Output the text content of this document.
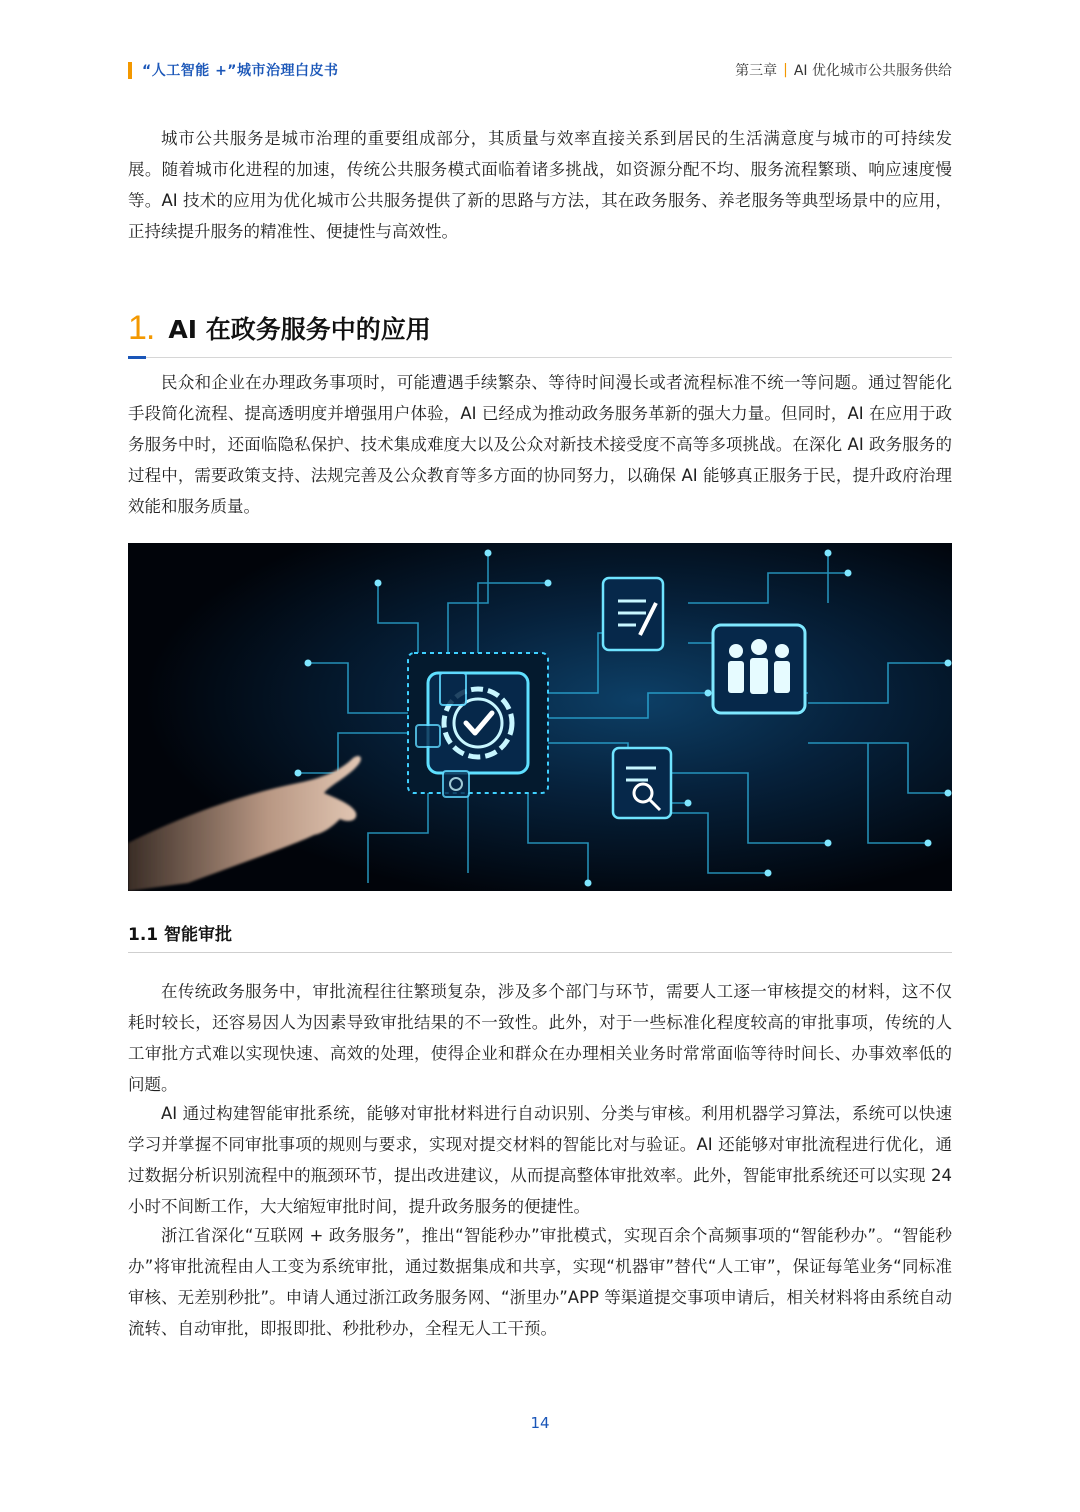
“人工智能 +”城市治理白皮书	第三章 | AI 优化城市公共服务供给

城市公共服务是城市治理的重要组成部分，其质量与效率直接关系到居民的生活满意度与城市的可持续发展。随着城市化进程的加速，传统公共服务模式面临着诸多挑战，如资源分配不均、服务流程繁琐、响应速度慢等。AI 技术的应用为优化城市公共服务提供了新的思路与方法，其在政务服务、养老服务等典型场景中的应用，正持续提升服务的精准性、便捷性与高效性。

1. AI 在政务服务中的应用

民众和企业在办理政务事项时，可能遭遇手续繁杂、等待时间漫长或者流程标准不统一等问题。通过智能化手段简化流程、提高透明度并增强用户体验，AI 已经成为推动政务服务革新的强大力量。但同时，AI 在应用于政务服务中时，还面临隐私保护、技术集成难度大以及公众对新技术接受度不高等多项挑战。在深化 AI 政务服务的过程中，需要政策支持、法规完善及公众教育等多方面的协同努力，以确保 AI 能够真正服务于民，提升政府治理效能和服务质量。

1.1 智能审批

在传统政务服务中，审批流程往往繁琐复杂，涉及多个部门与环节，需要人工逐一审核提交的材料，这不仅耗时较长，还容易因人为因素导致审批结果的不一致性。此外，对于一些标准化程度较高的审批事项，传统的人工审批方式难以实现快速、高效的处理，使得企业和群众在办理相关业务时常常面临等待时间长、办事效率低的问题。

AI 通过构建智能审批系统，能够对审批材料进行自动识别、分类与审核。利用机器学习算法，系统可以快速学习并掌握不同审批事项的规则与要求，实现对提交材料的智能比对与验证。AI 还能够对审批流程进行优化，通过数据分析识别流程中的瓶颈环节，提出改进建议，从而提高整体审批效率。此外，智能审批系统还可以实现 24 小时不间断工作，大大缩短审批时间，提升政务服务的便捷性。

浙江省深化“互联网 + 政务服务”，推出“智能秒办”审批模式，实现百余个高频事项的“智能秒办”。“智能秒办”将审批流程由人工变为系统审批，通过数据集成和共享，实现“机器审”替代“人工审”，保证每笔业务“同标准审核、无差别秒批”。申请人通过浙江政务服务网、“浙里办”APP 等渠道提交事项申请后，相关材料将由系统自动流转、自动审批，即报即批、秒批秒办，全程无人工干预。

14
